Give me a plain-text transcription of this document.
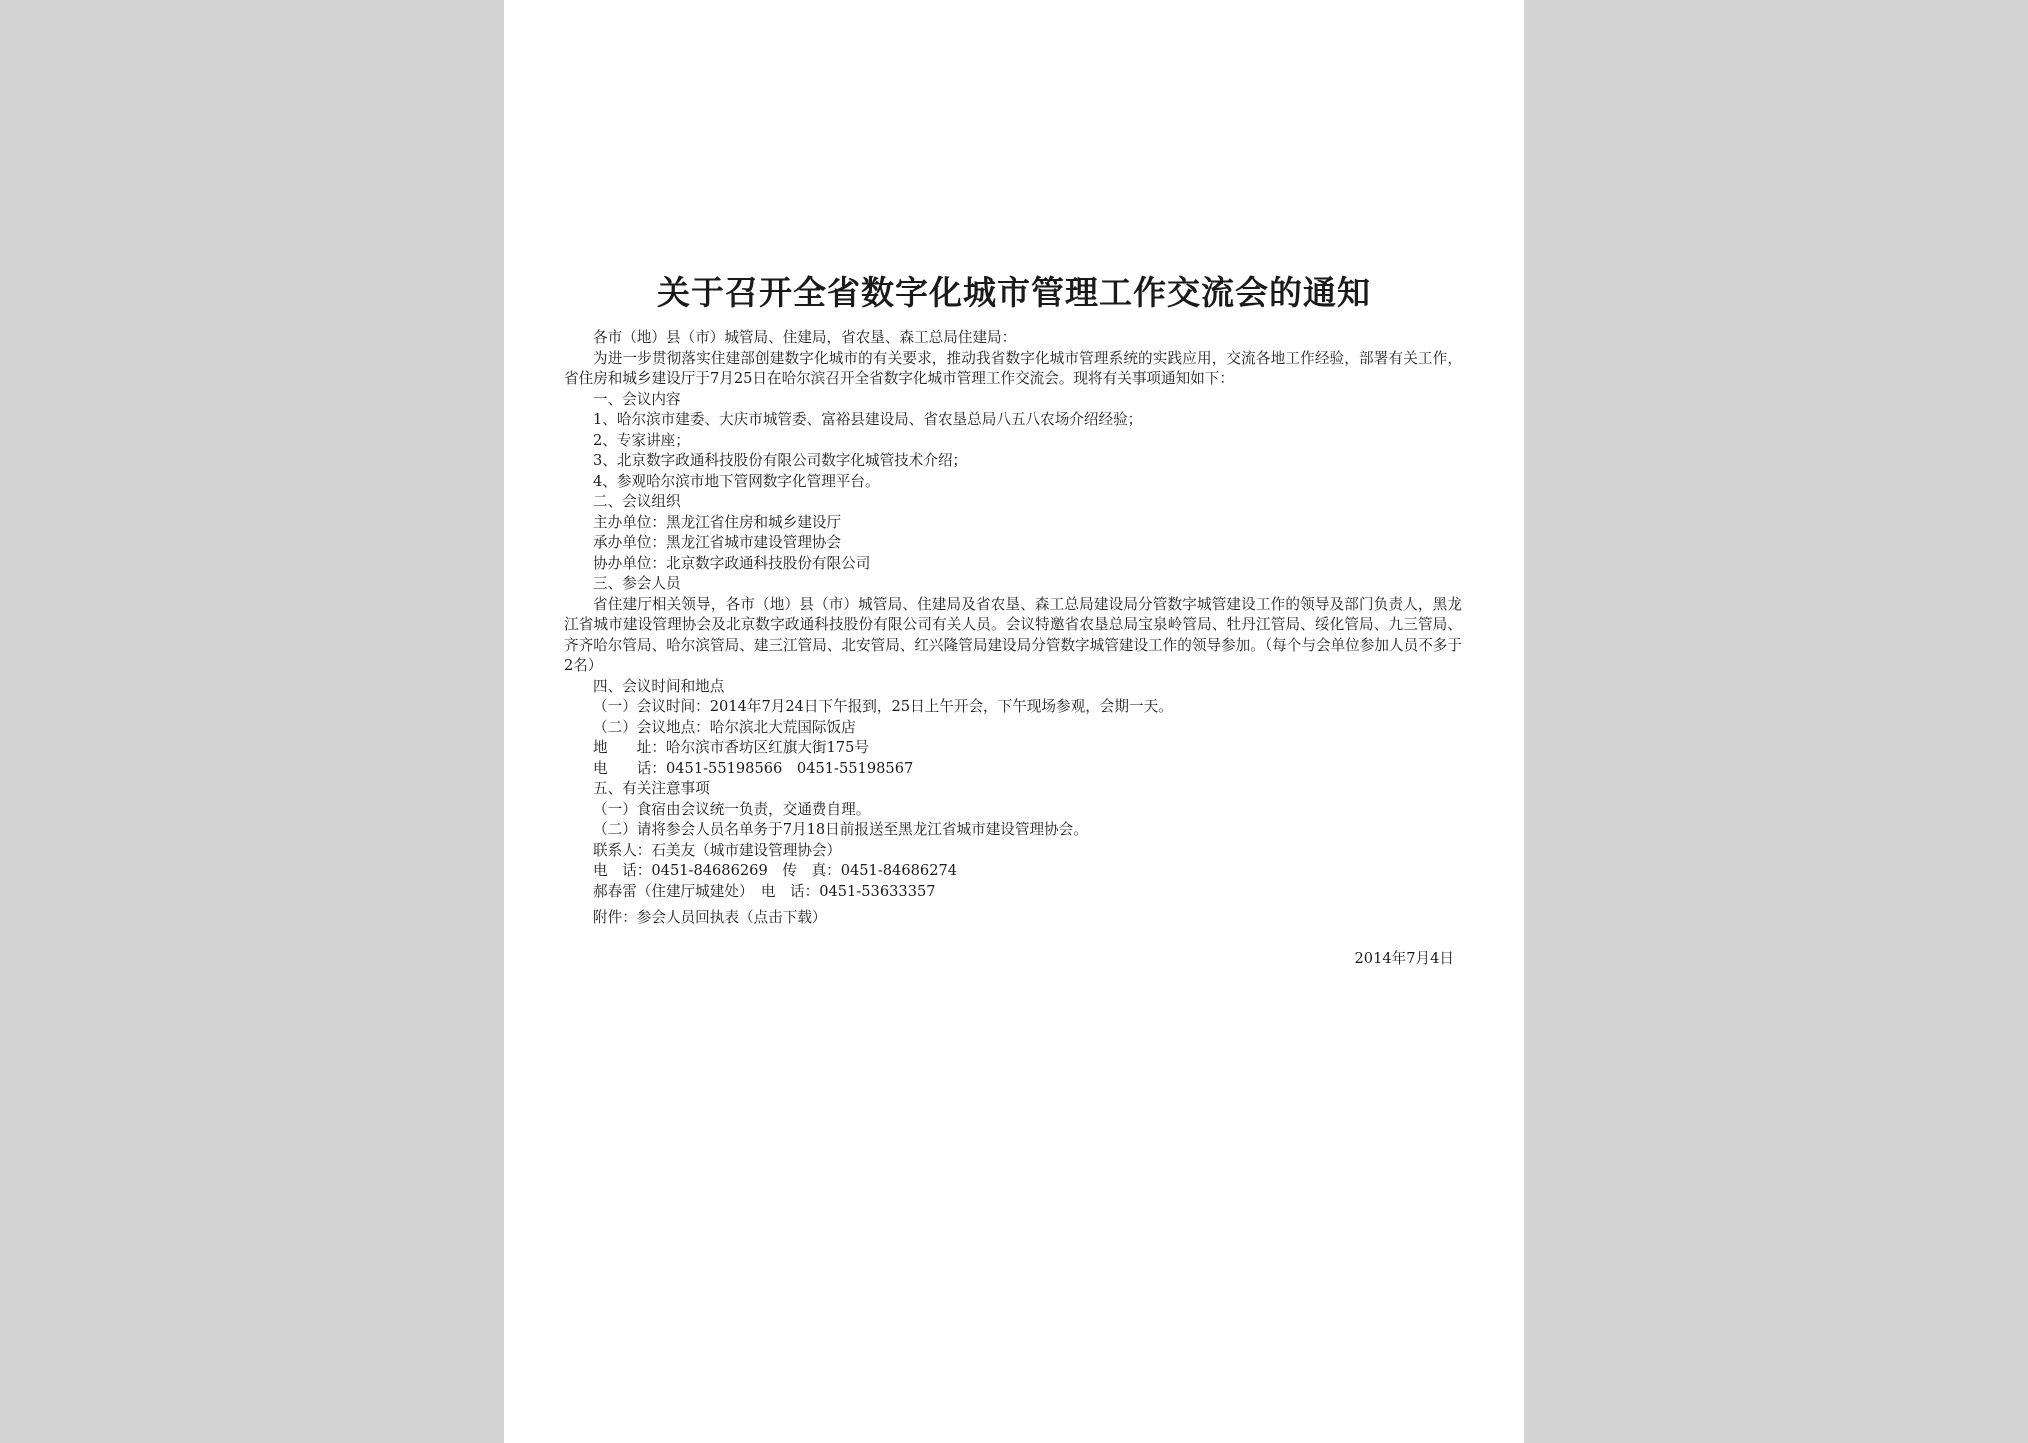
关于召开全省数字化城市管理工作交流会的通知
各市（地）县（市）城管局、住建局，省农垦、森工总局住建局：
为进一步贯彻落实住建部创建数字化城市的有关要求，推动我省数字化城市管理系统的实践应用，交流各地工作经验，部署有关工作，省住房和城乡建设厅于7月25日在哈尔滨召开全省数字化城市管理工作交流会。现将有关事项通知如下：
一、会议内容
1、哈尔滨市建委、大庆市城管委、富裕县建设局、省农垦总局八五八农场介绍经验；
2、专家讲座；
3、北京数字政通科技股份有限公司数字化城管技术介绍；
4、参观哈尔滨市地下管网数字化管理平台。
二、会议组织
主办单位：黑龙江省住房和城乡建设厅
承办单位：黑龙江省城市建设管理协会
协办单位：北京数字政通科技股份有限公司
三、参会人员
省住建厅相关领导，各市（地）县（市）城管局、住建局及省农垦、森工总局建设局分管数字城管建设工作的领导及部门负责人，黑龙江省城市建设管理协会及北京数字政通科技股份有限公司有关人员。会议特邀省农垦总局宝泉岭管局、牡丹江管局、绥化管局、九三管局、齐齐哈尔管局、哈尔滨管局、建三江管局、北安管局、红兴隆管局建设局分管数字城管建设工作的领导参加。（每个与会单位参加人员不多于2名）
四、会议时间和地点
（一）会议时间：2014年7月24日下午报到，25日上午开会，下午现场参观，会期一天。
（二）会议地点：哈尔滨北大荒国际饭店
地　　址：哈尔滨市香坊区红旗大街175号
电　　话：0451-55198566　0451-55198567
五、有关注意事项
（一）食宿由会议统一负责，交通费自理。
（二）请将参会人员名单务于7月18日前报送至黑龙江省城市建设管理协会。
联系人：石美友（城市建设管理协会）
电　话：0451-84686269　传　真：0451-84686274
郝春雷（住建厅城建处）　电　话：0451-53633357
附件：参会人员回执表（点击下载）
2014年7月4日
